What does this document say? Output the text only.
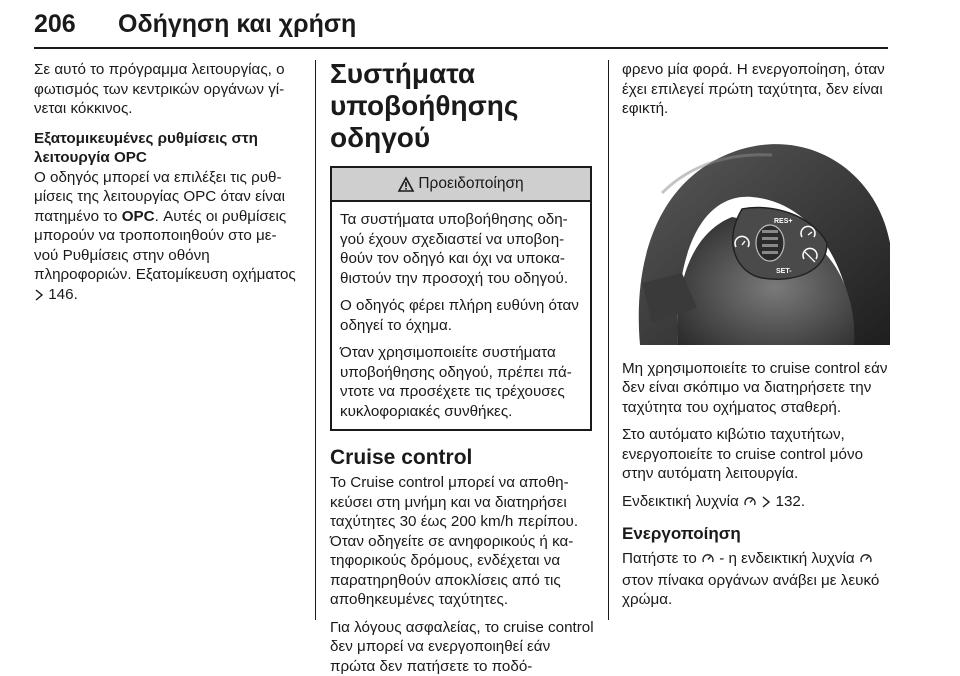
206 Οδήγηση και χρήση

Σε αυτό το πρόγραμμα λειτουργίας, ο φωτισμός των κεντρικών οργάνων γί- νεται κόκκινος.

Εξατομικευμένες ρυθμίσεις στη λειτουργία OPC

Ο οδηγός μπορεί να επιλέξει τις ρυθ- μίσεις της λειτουργίας OPC όταν είναι πατημένο το OPC. Αυτές οι ρυθμίσεις μπορούν να τροποποιηθούν στο με- νού Ρυθμίσεις στην οθόνη πληροφοριών. Εξατομίκευση οχήματος  146.

Συστήματα υποβοήθησης οδηγού
Προειδοποίηση

Τα συστήματα υποβοήθησης οδη- γού έχουν σχεδιαστεί να υποβοη- θούν τον οδηγό και όχι να υποκα- θιστούν την προσοχή του οδηγού.

Ο οδηγός φέρει πλήρη ευθύνη όταν οδηγεί το όχημα.

Όταν χρησιμοποιείτε συστήματα υποβοήθησης οδηγού, πρέπει πά- ντοτε να προσέχετε τις τρέχουσες κυκλοφοριακές συνθήκες.

Cruise control

Το Cruise control μπορεί να αποθη- κεύσει στη μνήμη και να διατηρήσει ταχύτητες 30 έως 200 km/h περίπου. Όταν οδηγείτε σε ανηφορικούς ή κα- τηφορικούς δρόμους, ενδέχεται να παρατηρηθούν αποκλίσεις από τις αποθηκευμένες ταχύτητες.

Για λόγους ασφαλείας, το cruise control δεν μπορεί να ενεργοποιηθεί εάν πρώτα δεν πατήσετε το ποδό-

φρενο μία φορά. Η ενεργοποίηση, όταν έχει επιλεγεί πρώτη ταχύτητα, δεν είναι εφικτή.

RES+
SET-

Μη χρησιμοποιείτε το cruise control εάν δεν είναι σκόπιμο να διατηρήσετε την ταχύτητα του οχήματος σταθερή.

Στο αυτόματο κιβώτιο ταχυτήτων, ενεργοποιείτε το cruise control μόνο στην αυτόματη λειτουργία.

Ενδεικτική λυχνία   132.

Ενεργοποίηση

Πατήστε το  - η ενδεικτική λυχνία  στον πίνακα οργάνων ανάβει με λευκό χρώμα.
